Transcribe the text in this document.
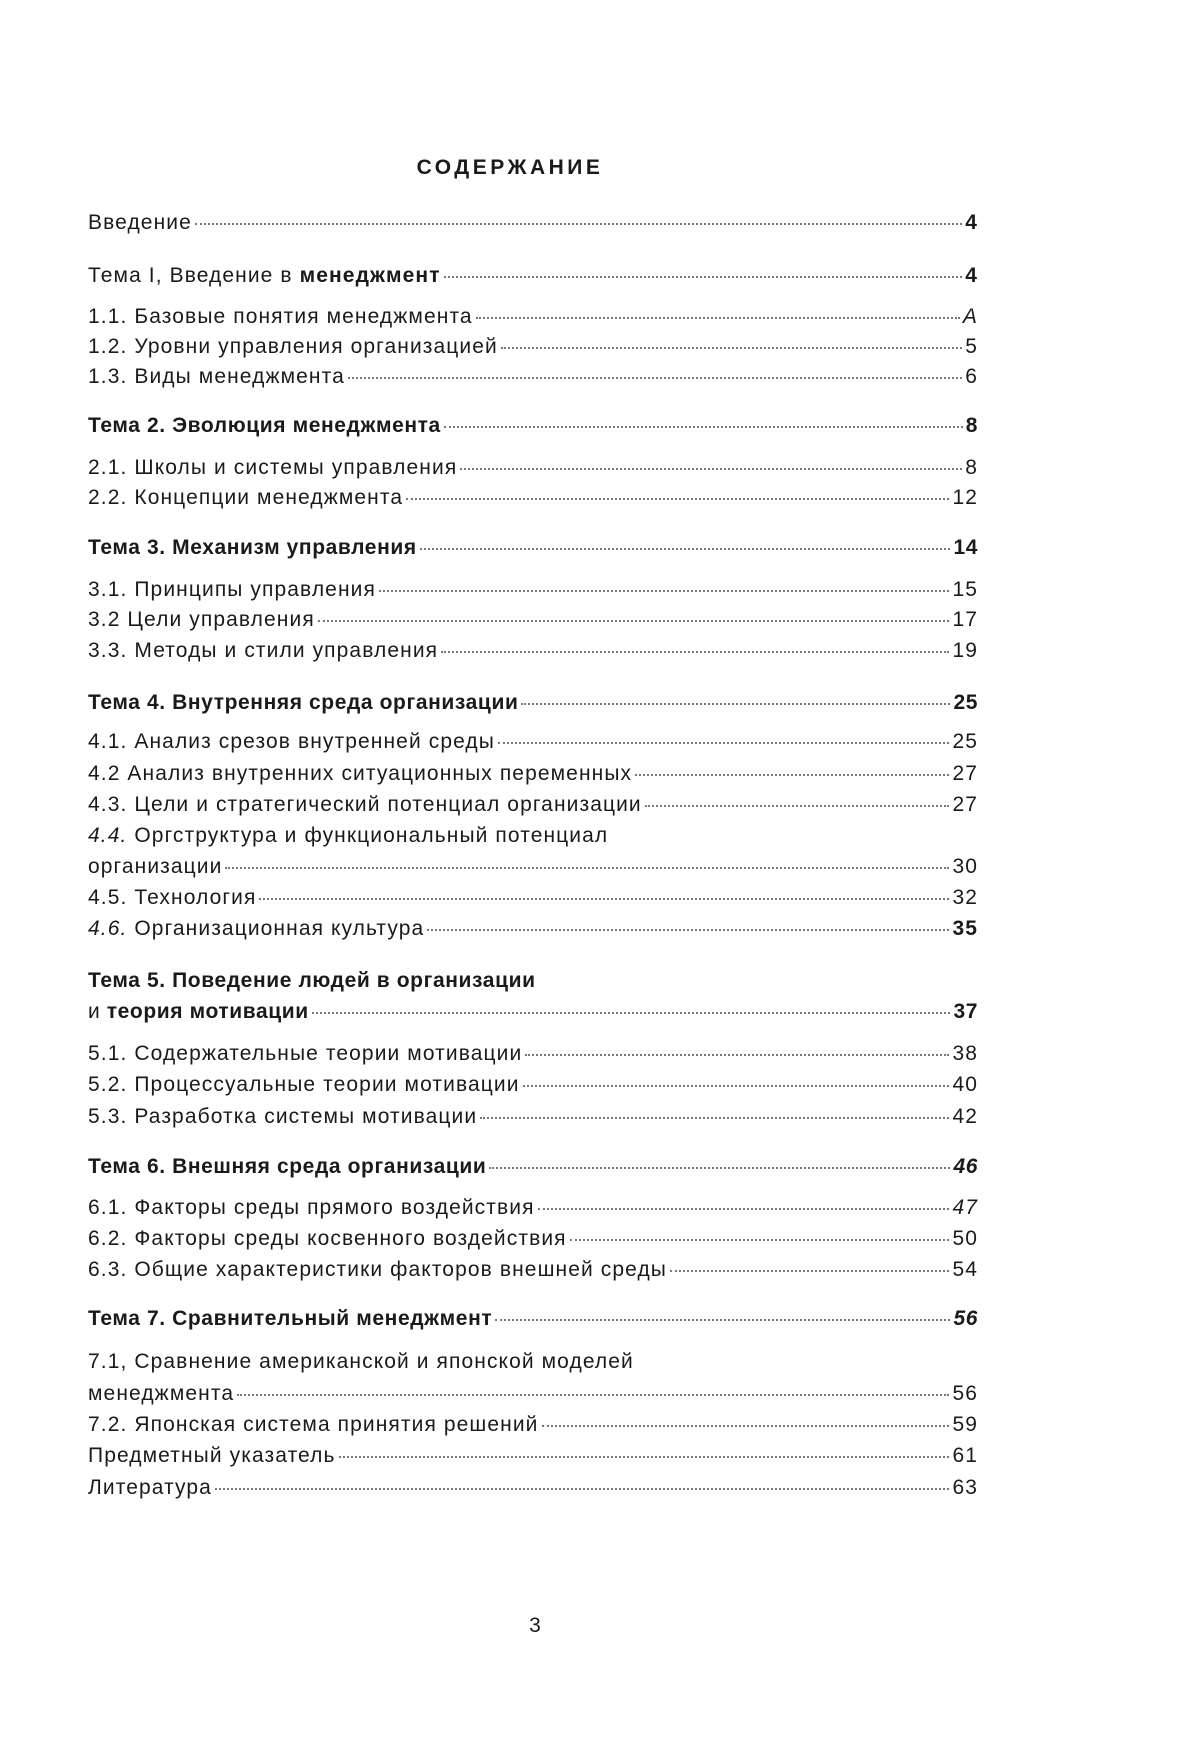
СОДЕРЖАНИЕ
Введение	4
Тема I, Введение в менеджмент	4
1.1. Базовые понятия менеджмента	А
1.2. Уровни управления организацией	5
1.3. Виды менеджмента	6
Тема 2. Эволюция менеджмента	8
2.1. Школы и системы управления	8
2.2. Концепции менеджмента	12
Тема 3. Механизм управления	14
3.1. Принципы управления	15
3.2 Цели управления	17
3.3. Методы и стили управления	19
Тема 4. Внутренняя среда организации	25
4.1. Анализ срезов внутренней среды	25
4.2 Анализ внутренних ситуационных переменных	27
4.3. Цели и стратегический потенциал организации	27
4.4. Оргструктура и функциональный потенциал
организации	30
4.5. Технология	32
4.6. Организационная культура	35
Тема 5. Поведение людей в организации
и теория мотивации	37
5.1. Содержательные теории мотивации	38
5.2. Процессуальные теории мотивации	40
5.3. Разработка системы мотивации	42
Тема 6. Внешняя среда организации	46
6.1. Факторы среды прямого воздействия	47
6.2. Факторы среды косвенного воздействия	50
6.3. Общие характеристики факторов внешней среды	54
Тема 7. Сравнительный менеджмент	56
7.1, Сравнение американской и японской моделей
менеджмента	56
7.2. Японская система принятия решений	59
Предметный указатель	61
Литература	63
3
